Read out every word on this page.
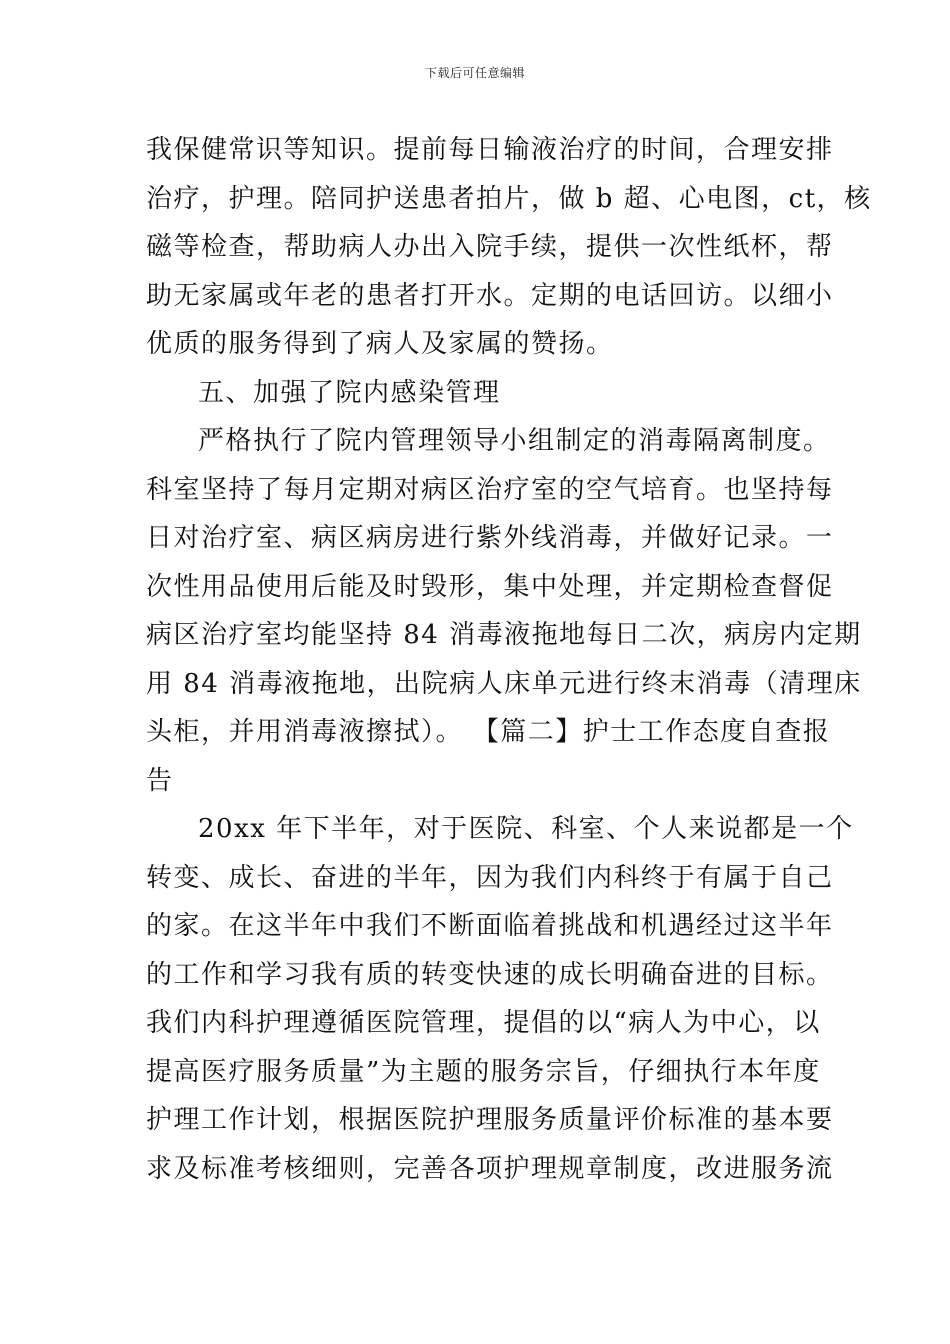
下载后可任意编辑
我保健常识等知识。提前每日输液治疗的时间，合理安排
治疗，护理。陪同护送患者拍片，做 b 超、心电图，ct，核
磁等检查，帮助病人办出入院手续，提供一次性纸杯，帮
助无家属或年老的患者打开水。定期的电话回访。以细小
优质的服务得到了病人及家属的赞扬。
五、加强了院内感染管理
严格执行了院内管理领导小组制定的消毒隔离制度。
科室坚持了每月定期对病区治疗室的空气培育。也坚持每
日对治疗室、病区病房进行紫外线消毒，并做好记录。一
次性用品使用后能及时毁形，集中处理，并定期检查督促
病区治疗室均能坚持 84 消毒液拖地每日二次，病房内定期
用 84 消毒液拖地，出院病人床单元进行终末消毒（清理床
头柜，并用消毒液擦拭）。 【篇二】护士工作态度自查报
告
20xx 年下半年，对于医院、科室、个人来说都是一个
转变、成长、奋进的半年，因为我们内科终于有属于自己
的家。在这半年中我们不断面临着挑战和机遇经过这半年
的工作和学习我有质的转变快速的成长明确奋进的目标。
我们内科护理遵循医院管理，提倡的以“病人为中心，以
提高医疗服务质量”为主题的服务宗旨，仔细执行本年度
护理工作计划，根据医院护理服务质量评价标准的基本要
求及标准考核细则，完善各项护理规章制度，改进服务流
